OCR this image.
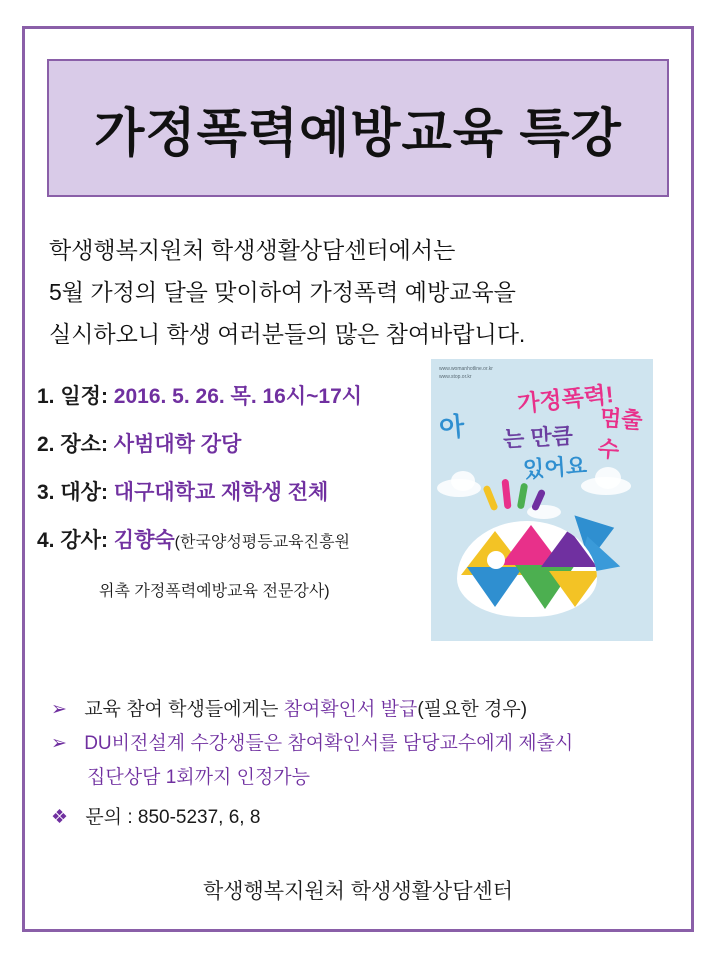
가정폭력예방교육 특강
학생행복지원처 학생생활상담센터에서는
5월 가정의 달을 맞이하여 가정폭력 예방교육을
실시하오니 학생 여러분들의 많은 참여바랍니다.
1. 일정: 2016. 5. 26. 목. 16시~17시
2. 장소: 사범대학 강당
3. 대상: 대구대학교 재학생 전체
4. 강사: 김향숙(한국양성평등교육진흥원
위촉 가정폭력예방교육 전문강사)
www.womanhotline.or.kr
www.stop.or.kr
가정폭력!
아 는 만큼
멈출 수
있어요
➢ 교육 참여 학생들에게는 참여확인서 발급(필요한 경우)
➢ DU비전설계 수강생들은 참여확인서를 담당교수에게 제출시
집단상담 1회까지 인정가능
❖ 문의 : 850-5237, 6, 8
학생행복지원처 학생생활상담센터
